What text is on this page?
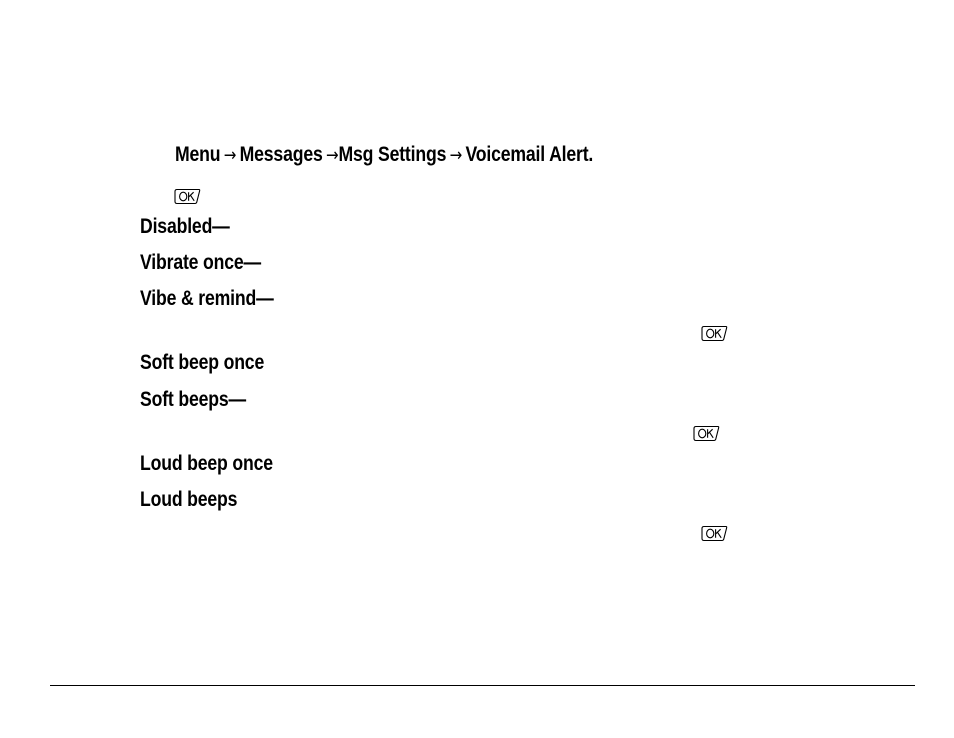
Menu → Messages →Msg Settings → Voicemail Alert.
Disabled—
Vibrate once—
Vibe & remind—
Soft beep once
Soft beeps—
Loud beep once
Loud beeps
